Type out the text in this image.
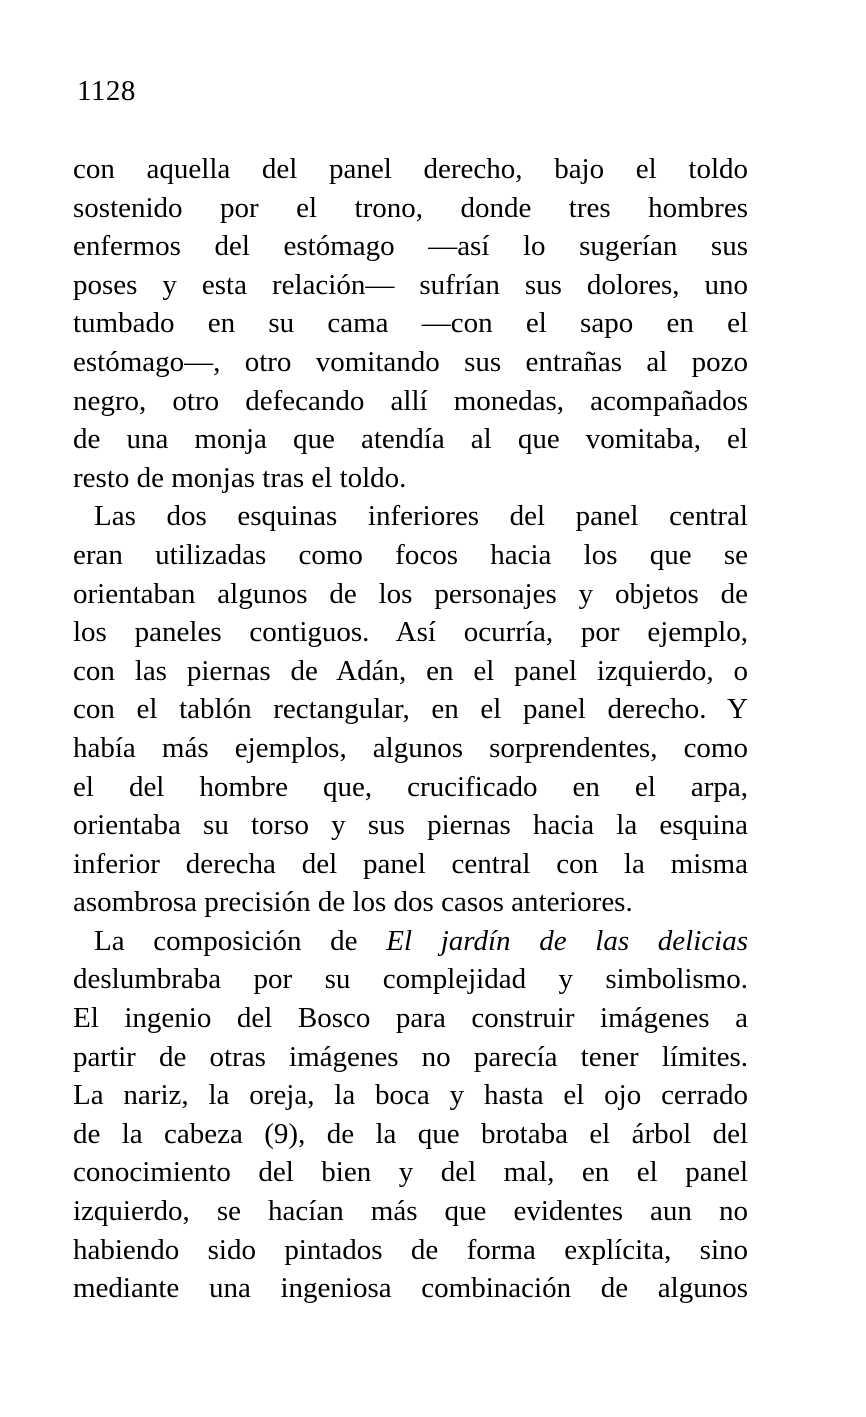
1128

con aquella del panel derecho, bajo el toldo
sostenido por el trono, donde tres hombres
enfermos del estómago —así lo sugerían sus
poses y esta relación— sufrían sus dolores, uno
tumbado en su cama —con el sapo en el
estómago—, otro vomitando sus entrañas al pozo
negro, otro defecando allí monedas, acompañados
de una monja que atendía al que vomitaba, el
resto de monjas tras el toldo.

Las dos esquinas inferiores del panel central
eran utilizadas como focos hacia los que se
orientaban algunos de los personajes y objetos de
los paneles contiguos. Así ocurría, por ejemplo,
con las piernas de Adán, en el panel izquierdo, o
con el tablón rectangular, en el panel derecho. Y
había más ejemplos, algunos sorprendentes, como
el del hombre que, crucificado en el arpa,
orientaba su torso y sus piernas hacia la esquina
inferior derecha del panel central con la misma
asombrosa precisión de los dos casos anteriores.

La composición de El jardín de las delicias
deslumbraba por su complejidad y simbolismo.
El ingenio del Bosco para construir imágenes a
partir de otras imágenes no parecía tener límites.
La nariz, la oreja, la boca y hasta el ojo cerrado
de la cabeza (9), de la que brotaba el árbol del
conocimiento del bien y del mal, en el panel
izquierdo, se hacían más que evidentes aun no
habiendo sido pintados de forma explícita, sino
mediante una ingeniosa combinación de algunos
